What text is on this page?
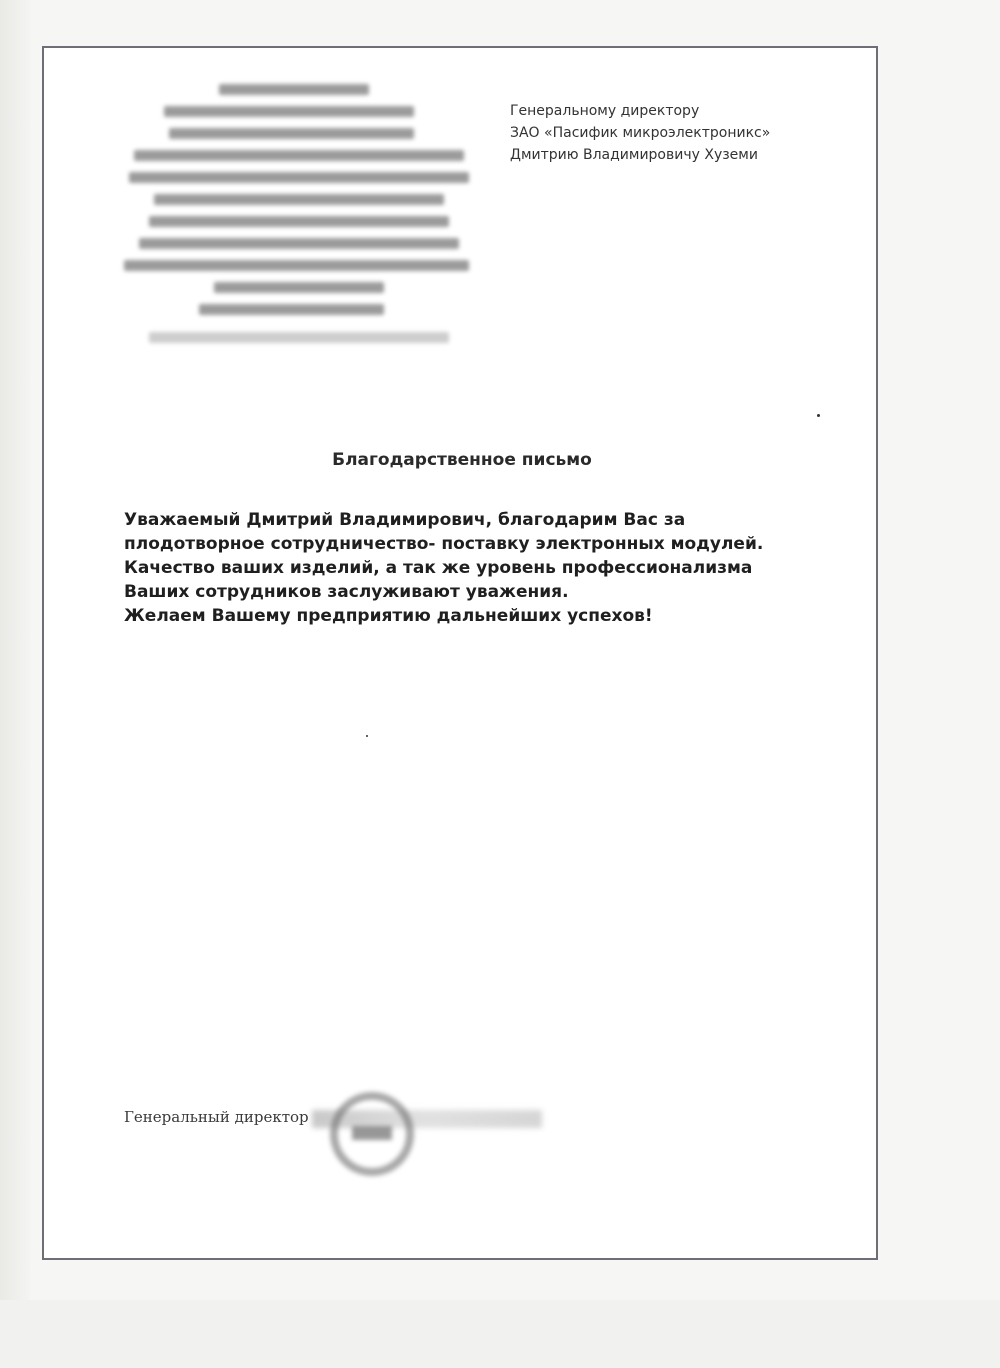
Генеральному директору
ЗАО «Пасифик микроэлектроникс»
Дмитрию Владимировичу Хуземи
Благодарственное письмо
Уважаемый Дмитрий Владимирович, благодарим Вас за
плодотворное сотрудничество- поставку электронных модулей.
Качество ваших изделий, а так же уровень профессионализма
Ваших сотрудников заслуживают уважения.
Желаем Вашему предприятию дальнейших успехов!
Генеральный директор
